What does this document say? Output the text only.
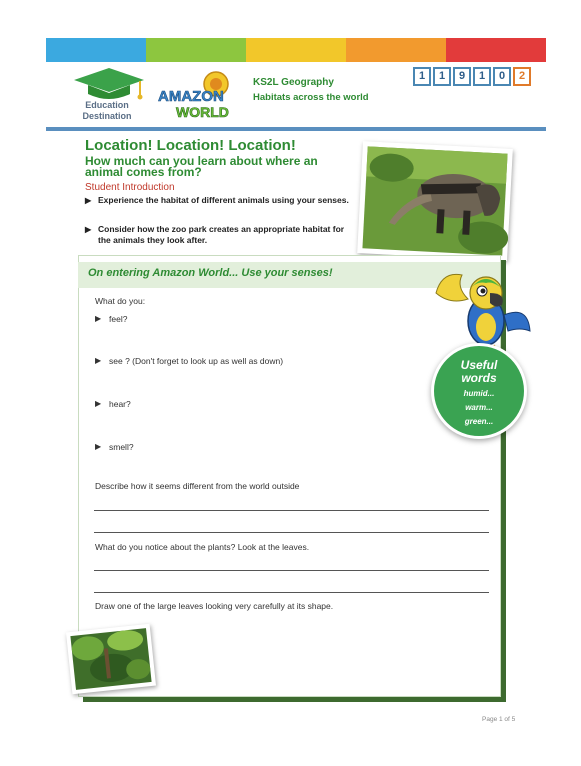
Education
Destination
AMAZON
WORLD
KS2L Geography
Habitats across the world
1	1	9	1	0	2
Location! Location! Location!
How much can you learn about where an animal comes from?
Student Introduction
▶ Experience the habitat of different animals using your senses.
▶ Consider how the zoo park creates an appropriate habitat for the animals they look after.
On entering Amazon World... Use your senses!
What do you:
▶ feel?
▶ see ? (Don't forget to look up as well as down)
▶ hear?
▶ smell?
Describe how it seems different from the world outside
What do you notice about the plants? Look at the leaves.
Draw one of the large leaves looking very carefully at its shape.
Useful
words
humid...
warm...
green...
Page 1 of 5
